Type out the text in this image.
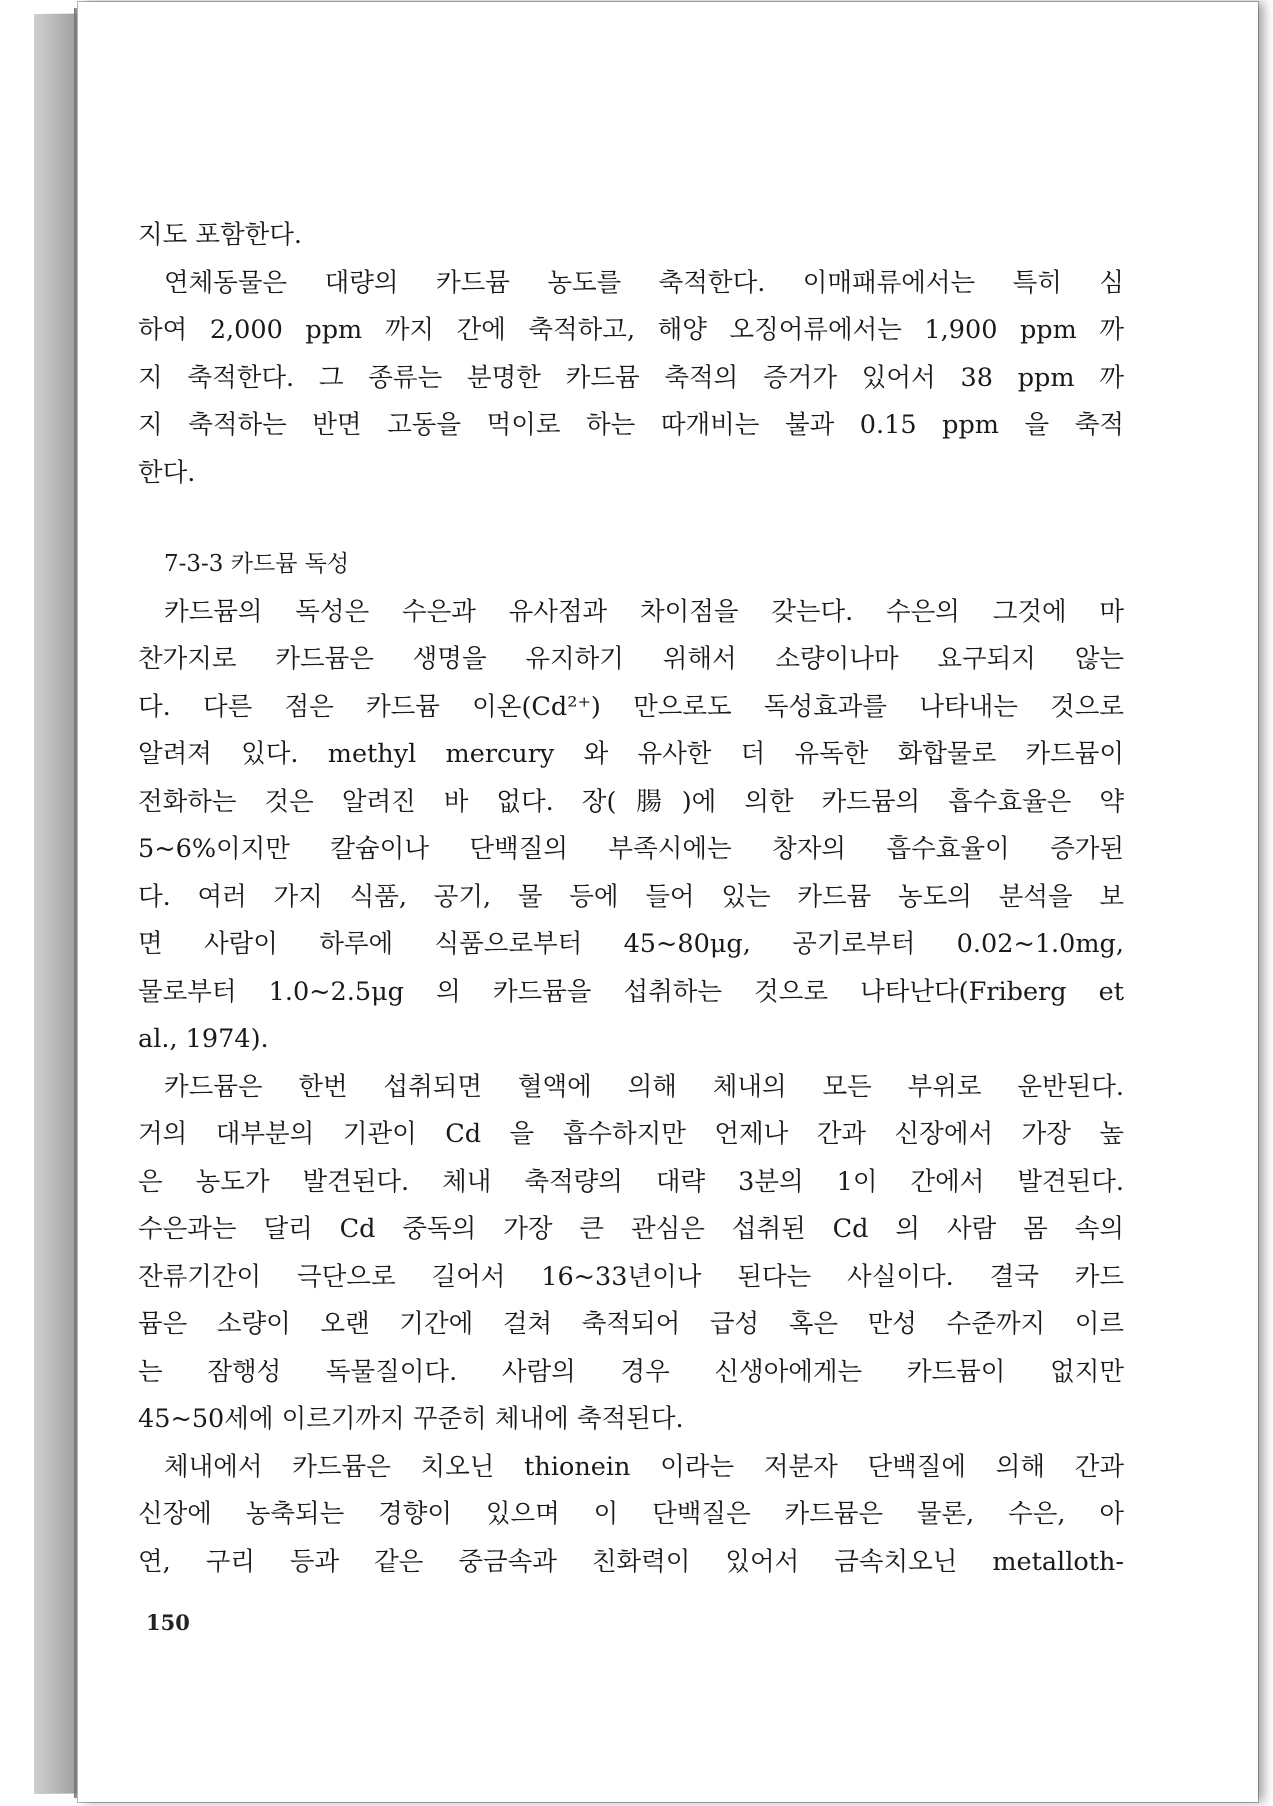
지도 포함한다.
연체동물은 대량의 카드뮴 농도를 축적한다. 이매패류에서는 특히 심
하여 2,000 ppm 까지 간에 축적하고, 해양 오징어류에서는 1,900 ppm 까
지 축적한다. 그 종류는 분명한 카드뮴 축적의 증거가 있어서 38 ppm 까
지 축적하는 반면 고동을 먹이로 하는 따개비는 불과 0.15 ppm 을 축적
한다.
7-3-3 카드뮴 독성
카드뮴의 독성은 수은과 유사점과 차이점을 갖는다. 수은의 그것에 마
찬가지로 카드뮴은 생명을 유지하기 위해서 소량이나마 요구되지 않는
다. 다른 점은 카드뮴 이온(Cd²⁺) 만으로도 독성효과를 나타내는 것으로
알려져 있다. methyl mercury 와 유사한 더 유독한 화합물로 카드뮴이
전화하는 것은 알려진 바 없다. 장(腸)에 의한 카드뮴의 흡수효율은 약
5~6%이지만 칼슘이나 단백질의 부족시에는 창자의 흡수효율이 증가된
다. 여러 가지 식품, 공기, 물 등에 들어 있는 카드뮴 농도의 분석을 보
면 사람이 하루에 식품으로부터 45~80μg, 공기로부터 0.02~1.0mg,
물로부터 1.0~2.5μg 의 카드뮴을 섭취하는 것으로 나타난다(Friberg et
al., 1974).
카드뮴은 한번 섭취되면 혈액에 의해 체내의 모든 부위로 운반된다.
거의 대부분의 기관이 Cd 을 흡수하지만 언제나 간과 신장에서 가장 높
은 농도가 발견된다. 체내 축적량의 대략 3분의 1이 간에서 발견된다.
수은과는 달리 Cd 중독의 가장 큰 관심은 섭취된 Cd 의 사람 몸 속의
잔류기간이 극단으로 길어서 16~33년이나 된다는 사실이다. 결국 카드
뮴은 소량이 오랜 기간에 걸쳐 축적되어 급성 혹은 만성 수준까지 이르
는 잠행성 독물질이다. 사람의 경우 신생아에게는 카드뮴이 없지만
45~50세에 이르기까지 꾸준히 체내에 축적된다.
체내에서 카드뮴은 치오닌 thionein 이라는 저분자 단백질에 의해 간과
신장에 농축되는 경향이 있으며 이 단백질은 카드뮴은 물론, 수은, 아
연, 구리 등과 같은 중금속과 친화력이 있어서 금속치오닌 metalloth-
150
